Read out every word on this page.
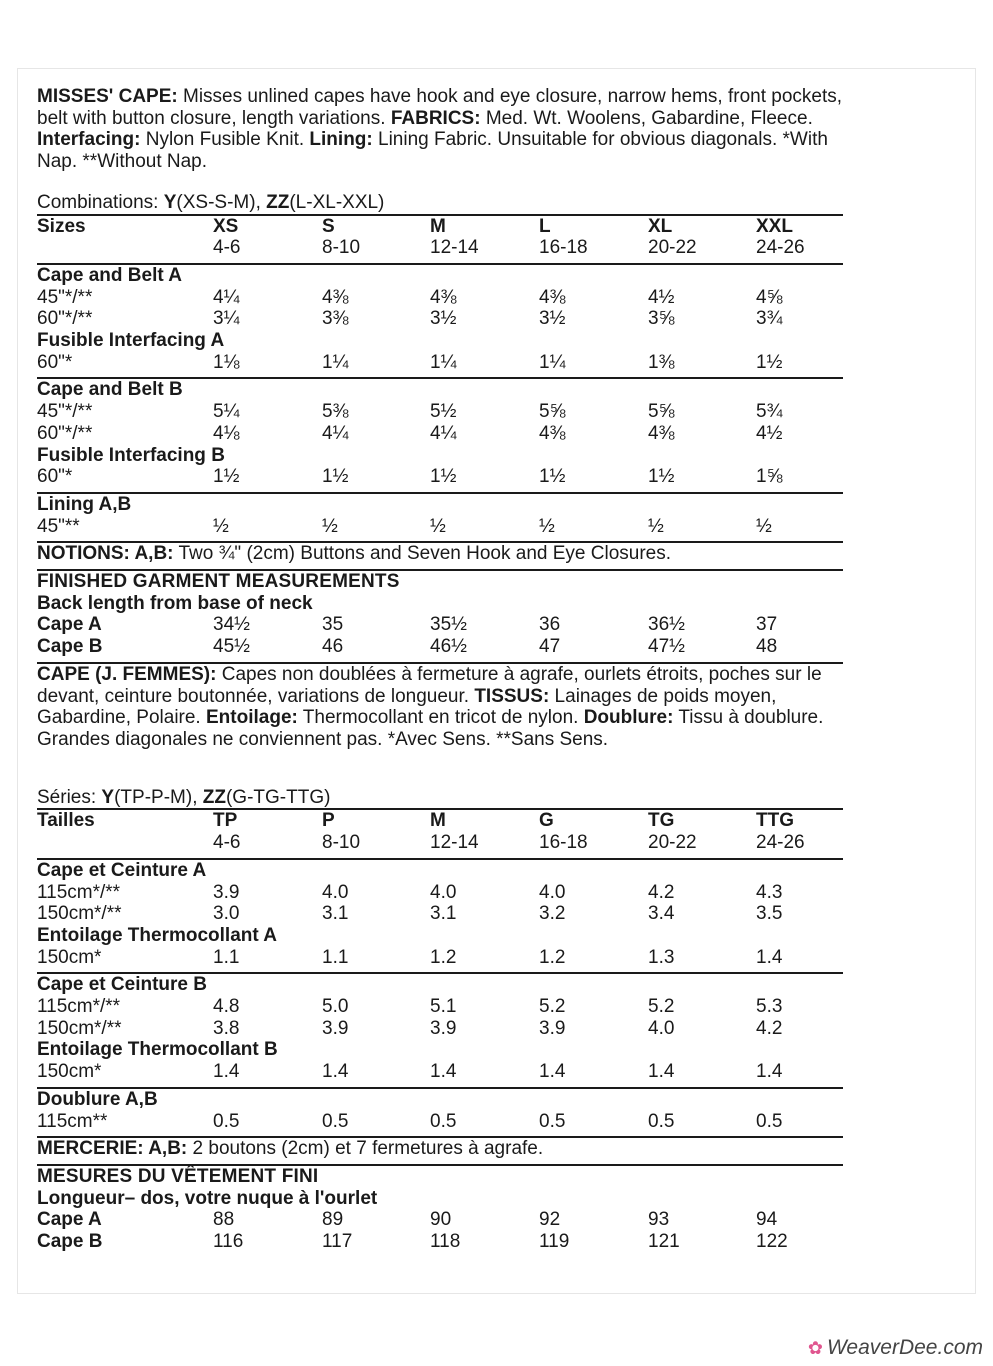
MISSES' CAPE: Misses unlined capes have hook and eye closure, narrow hems, front pockets, belt with button closure, length variations. FABRICS: Med. Wt. Woolens, Gabardine, Fleece. Interfacing: Nylon Fusible Knit. Lining: Lining Fabric. Unsuitable for obvious diagonals. *With Nap. **Without Nap.

Combinations: Y(XS-S-M), ZZ(L-XL-XXL)
Sizes	XS	S	M	L	XL	XXL	
	4-6	8-10	12-14	16-18	20-22	24-26	

Cape and Belt A							
45"*/**	4¼	4⅜	4⅜	4⅜	4½	4⅝	
60"*/**	3¼	3⅜	3½	3½	3⅝	3¾	
Fusible Interfacing A							
60"*	1⅛	1¼	1¼	1¼	1⅜	1½	

Cape and Belt B							
45"*/**	5¼	5⅜	5½	5⅝	5⅝	5¾	
60"*/**	4⅛	4¼	4¼	4⅜	4⅜	4½	
Fusible Interfacing B							
60"*	1½	1½	1½	1½	1½	1⅝	

Lining A,B							
45"**	½	½	½	½	½	½	

NOTIONS: A,B: Two ¾" (2cm) Buttons and Seven Hook and Eye Closures.							

FINISHED GARMENT MEASUREMENTS							
Back length from base of neck							
Cape A	34½	35	35½	36	36½	37	
Cape B	45½	46	46½	47	47½	48	

CAPE (J. FEMMES): Capes non doublées à fermeture à agrafe, ourlets étroits, poches sur le devant, ceinture boutonnée, variations de longueur. TISSUS: Lainages de poids moyen, Gabardine, Polaire. Entoilage: Thermocollant en tricot de nylon. Doublure: Tissu à doublure. Grandes diagonales ne conviennent pas. *Avec Sens. **Sans Sens.							
Séries: Y(TP-P-M), ZZ(G-TG-TTG)
Tailles	TP	P	M	G	TG	TTG	
	4-6	8-10	12-14	16-18	20-22	24-26	

Cape et Ceinture A							
115cm*/**	3.9	4.0	4.0	4.0	4.2	4.3	
150cm*/**	3.0	3.1	3.1	3.2	3.4	3.5	
Entoilage Thermocollant A							
150cm*	1.1	1.1	1.2	1.2	1.3	1.4	

Cape et Ceinture B							
115cm*/**	4.8	5.0	5.1	5.2	5.2	5.3	
150cm*/**	3.8	3.9	3.9	3.9	4.0	4.2	
Entoilage Thermocollant B							
150cm*	1.4	1.4	1.4	1.4	1.4	1.4	

Doublure A,B							
115cm**	0.5	0.5	0.5	0.5	0.5	0.5	

MERCERIE: A,B: 2 boutons (2cm) et 7 fermetures à agrafe.							

MESURES DU VÊTEMENT FINI							
Longueur– dos, votre nuque à l'ourlet							
Cape A	88	89	90	92	93	94	
Cape B	116	117	118	119	121	122	
✿ WeaverDee.com
